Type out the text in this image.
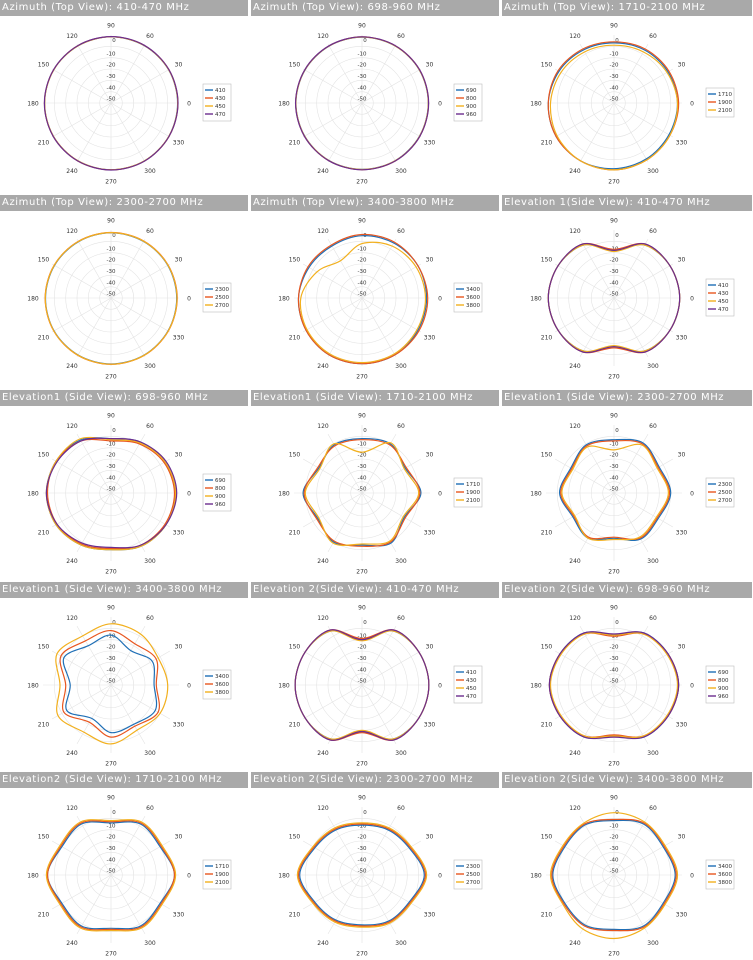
Azimuth (Top View): 410-470 MHz
0
30
60
90
120
150
180
210
240
270
300
330
0
-10
-20
-30
-40
-50
410
430
450
470
Azimuth (Top View): 698-960 MHz
0
30
60
90
120
150
180
210
240
270
300
330
0
-10
-20
-30
-40
-50
690
800
900
960
Azimuth (Top View): 1710-2100 MHz
0
30
60
90
120
150
180
210
240
270
300
330
0
-10
-20
-30
-40
-50
1710
1900
2100
Azimuth (Top View): 2300-2700 MHz
0
30
60
90
120
150
180
210
240
270
300
330
0
-10
-20
-30
-40
-50
2300
2500
2700
Azimuth (Top View): 3400-3800 MHz
0
30
60
90
120
150
180
210
240
270
300
330
0
-10
-20
-30
-40
-50
3400
3600
3800
Elevation 1(Side View): 410-470 MHz
0
30
60
90
120
150
180
210
240
270
300
330
0
-10
-20
-30
-40
-50
410
430
450
470
Elevation1 (Side View): 698-960 MHz
0
30
60
90
120
150
180
210
240
270
300
330
0
-10
-20
-30
-40
-50
690
800
900
960
Elevation1 (Side View): 1710-2100 MHz
0
30
60
90
120
150
180
210
240
270
300
330
0
-10
-20
-30
-40
-50
1710
1900
2100
Elevation1 (Side View): 2300-2700 MHz
0
30
60
90
120
150
180
210
240
270
300
330
0
-10
-20
-30
-40
-50
2300
2500
2700
Elevation1 (Side View): 3400-3800 MHz
0
30
60
90
120
150
180
210
240
270
300
330
0
-10
-20
-30
-40
-50
3400
3600
3800
Elevation 2(Side View): 410-470 MHz
0
30
60
90
120
150
180
210
240
270
300
330
0
-10
-20
-30
-40
-50
410
430
450
470
Elevation 2(Side View): 698-960 MHz
0
30
60
90
120
150
180
210
240
270
300
330
0
-10
-20
-30
-40
-50
690
800
900
960
Elevation2 (Side View): 1710-2100 MHz
0
30
60
90
120
150
180
210
240
270
300
330
0
-10
-20
-30
-40
-50
1710
1900
2100
Elevation 2(Side View): 2300-2700 MHz
0
30
60
90
120
150
180
210
240
270
300
330
0
-10
-20
-30
-40
-50
2300
2500
2700
Elevation 2(Side View): 3400-3800 MHz
0
30
60
90
120
150
180
210
240
270
300
330
0
-10
-20
-30
-40
-50
3400
3600
3800
